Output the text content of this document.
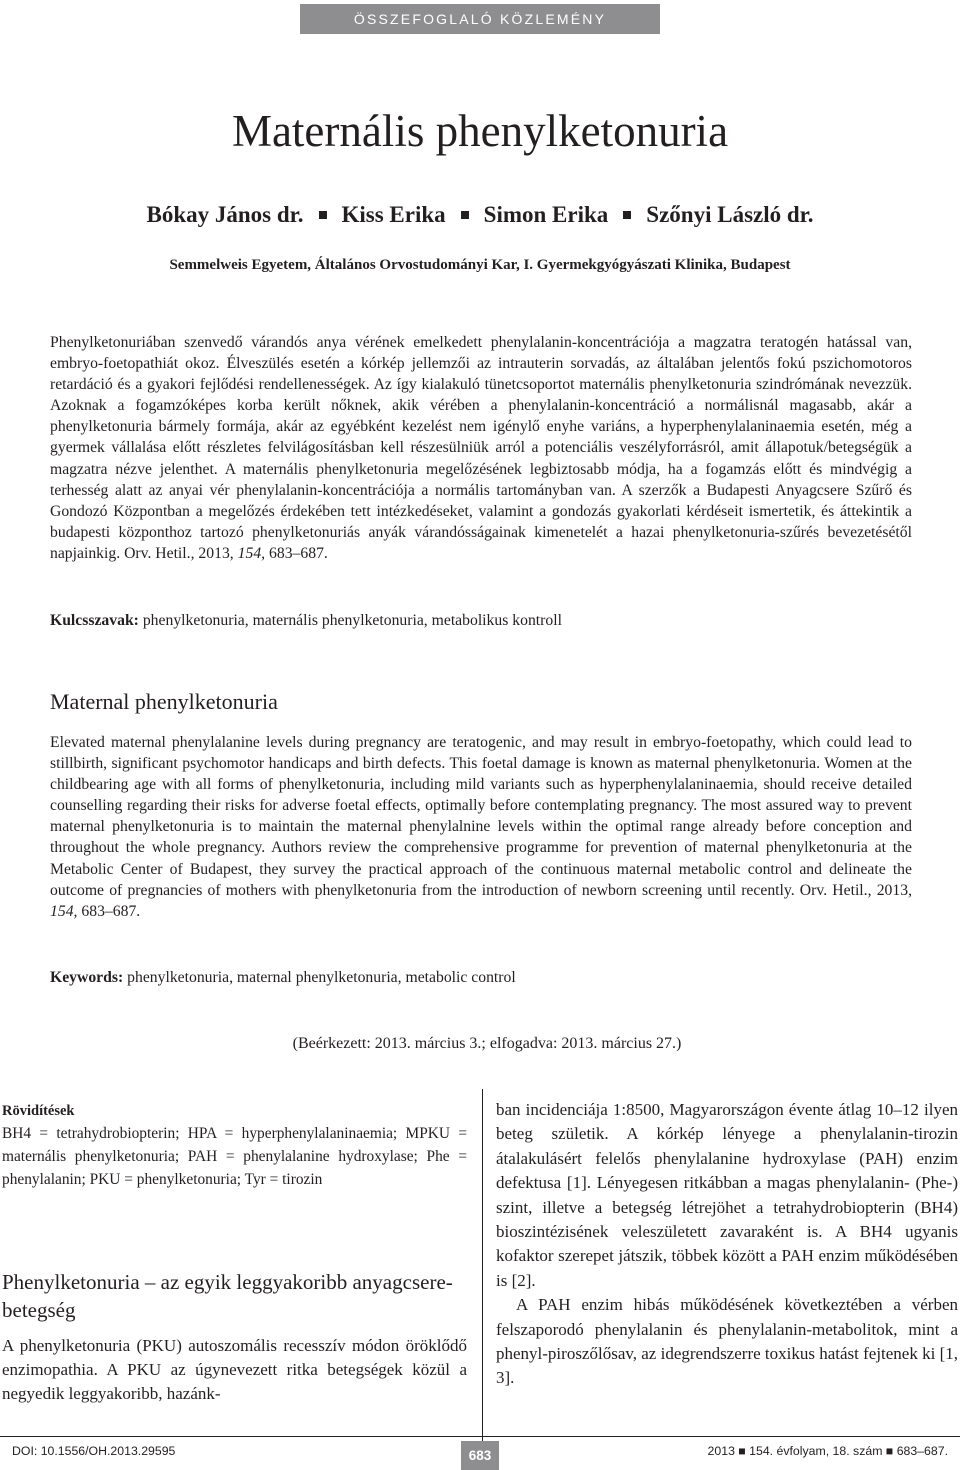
ÖSSZEFOGLALÓ KÖZLEMÉNY
Maternális phenylketonuria
Bókay János dr. Kiss Erika Simon Erika Szőnyi László dr.
Semmelweis Egyetem, Általános Orvostudományi Kar, I. Gyermekgyógyászati Klinika, Budapest

Phenylketonuriában szenvedő várandós anya vérének emelkedett phenylalanin-koncentrációja a magzatra teratogén hatással van, embryo-foetopathiát okoz. Élveszülés esetén a kórkép jellemzői az intrauterin sorvadás, az általában jelentős fokú pszichomotoros retardáció és a gyakori fejlődési rendellenességek. Az így kialakuló tünetcsoportot maternális phenylketonuria szindrómának nevezzük. Azoknak a fogamzóképes korba került nőknek, akik vérében a phenylalanin-koncentráció a normálisnál magasabb, akár a phenylketonuria bármely formája, akár az egyébként kezelést nem igénylő enyhe variáns, a hyperphenylalaninaemia esetén, még a gyermek vállalása előtt részletes felvilágosításban kell részesülniük arról a potenciális veszélyforrásról, amit állapotuk/betegségük a magzatra nézve jelenthet. A maternális phenylketonuria megelőzésének legbiztosabb módja, ha a fogamzás előtt és mindvégig a terhesség alatt az anyai vér phenylalanin-koncentrációja a normális tartományban van. A szerzők a Budapesti Anyagcsere Szűrő és Gondozó Központban a megelőzés érdekében tett intézkedéseket, valamint a gondozás gyakorlati kérdéseit ismertetik, és áttekintik a budapesti központhoz tartozó phenylketonuriás anyák várandósságainak kimenetelét a hazai phenylketonuria-szűrés bevezetésétől napjainkig. Orv. Hetil., 2013, 154, 683–687.

Kulcsszavak: phenylketonuria, maternális phenylketonuria, metabolikus kontroll

Maternal phenylketonuria

Elevated maternal phenylalanine levels during pregnancy are teratogenic, and may result in embryo-foetopathy, which could lead to stillbirth, significant psychomotor handicaps and birth defects. This foetal damage is known as maternal phenylketonuria. Women at the childbearing age with all forms of phenylketonuria, including mild variants such as hyperphenylalaninaemia, should receive detailed counselling regarding their risks for adverse foetal effects, optimally before contemplating pregnancy. The most assured way to prevent maternal phenylketonuria is to maintain the maternal phenylalnine levels within the optimal range already before conception and throughout the whole pregnancy. Authors review the comprehensive programme for prevention of maternal phenylketonuria at the Metabolic Center of Budapest, they survey the practical approach of the continuous maternal metabolic control and delineate the outcome of pregnancies of mothers with phenylketonuria from the introduction of newborn screening until recently. Orv. Hetil., 2013, 154, 683–687.

Keywords: phenylketonuria, maternal phenylketonuria, metabolic control

(Beérkezett: 2013. március 3.; elfogadva: 2013. március 27.)

Rövidítések

BH4 = tetrahydrobiopterin; HPA = hyperphenylalaninaemia; MPKU = maternális phenylketonuria; PAH = phenylalanine hydroxylase; Phe = phenylalanin; PKU = phenylketonuria; Tyr = tirozin

Phenylketonuria – az egyik leggyakoribb anyagcsere-betegség

A phenylketonuria (PKU) autoszomális recesszív módon öröklődő enzimopathia. A PKU az úgynevezett ritka betegségek közül a negyedik leggyakoribb, hazánk-

ban incidenciája 1:8500, Magyarországon évente átlag 10–12 ilyen beteg születik. A kórkép lényege a phenylalanin-tirozin átalakulásért felelős phenylalanine hydroxylase (PAH) enzim defektusa [1]. Lényegesen ritkábban a magas phenylalanin- (Phe-) szint, illetve a betegség létrejöhet a tetrahydrobiopterin (BH4) bioszintézisének veleszületett zavaraként is. A BH4 ugyanis kofaktor szerepet játszik, többek között a PAH enzim működésében is [2].

A PAH enzim hibás működésének következtében a vérben felszaporodó phenylalanin és phenylalanin-metabolitok, mint a phenyl-piroszőlősav, az idegrendszerre toxikus hatást fejtenek ki [1, 3].

DOI: 10.1556/OH.2013.29595	683	2013 ■ 154. évfolyam, 18. szám ■ 683–687.
